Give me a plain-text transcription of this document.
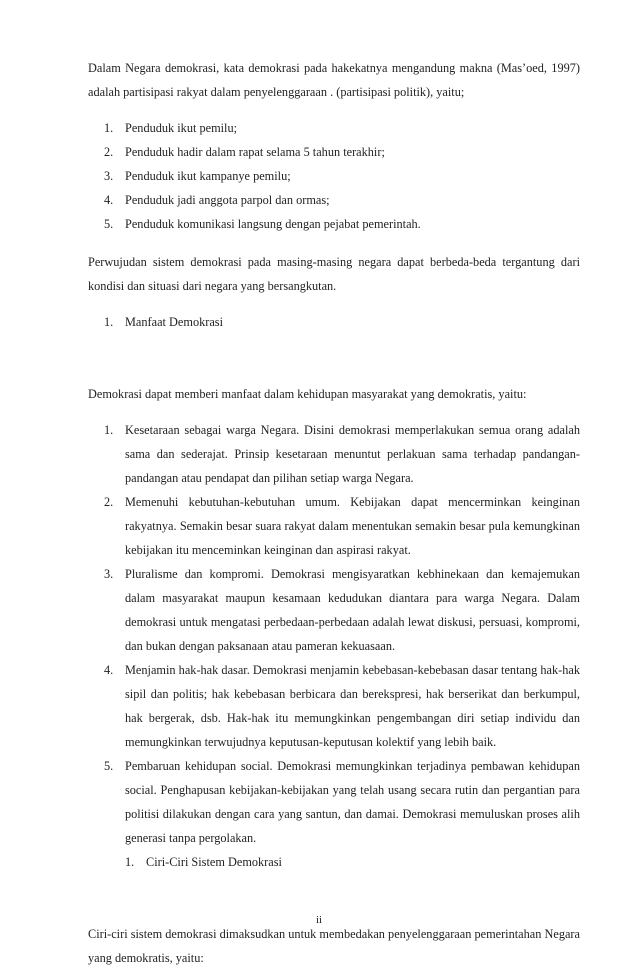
Dalam Negara demokrasi, kata demokrasi pada hakekatnya mengandung makna (Mas’oed, 1997) adalah partisipasi rakyat dalam penyelenggaraan . (partisipasi politik), yaitu;

1. Penduduk ikut pemilu;
2. Penduduk hadir dalam rapat selama 5 tahun terakhir;
3. Penduduk ikut kampanye pemilu;
4. Penduduk jadi anggota parpol dan ormas;
5. Penduduk komunikasi langsung dengan pejabat pemerintah.

Perwujudan sistem demokrasi pada masing-masing negara dapat berbeda-beda tergantung dari kondisi dan situasi dari negara yang bersangkutan.

1. Manfaat Demokrasi

Demokrasi dapat memberi manfaat dalam kehidupan masyarakat yang demokratis, yaitu:

1. Kesetaraan sebagai warga Negara. Disini demokrasi memperlakukan semua orang adalah sama dan sederajat. Prinsip kesetaraan menuntut perlakuan sama terhadap pandangan-pandangan atau pendapat dan pilihan setiap warga Negara.
2. Memenuhi kebutuhan-kebutuhan umum. Kebijakan dapat mencerminkan keinginan rakyatnya. Semakin besar suara rakyat dalam menentukan semakin besar pula kemungkinan kebijakan itu menceminkan keinginan dan aspirasi rakyat.
3. Pluralisme dan kompromi. Demokrasi mengisyaratkan kebhinekaan dan kemajemukan dalam masyarakat maupun kesamaan kedudukan diantara para warga Negara. Dalam demokrasi untuk mengatasi perbedaan-perbedaan adalah lewat diskusi, persuasi, kompromi, dan bukan dengan paksanaan atau pameran kekuasaan.
4. Menjamin hak-hak dasar. Demokrasi menjamin kebebasan-kebebasan dasar tentang hak-hak sipil dan politis; hak kebebasan berbicara dan berekspresi, hak berserikat dan berkumpul, hak bergerak, dsb. Hak-hak itu memungkinkan pengembangan diri setiap individu dan memungkinkan terwujudnya keputusan-keputusan kolektif yang lebih baik.
5. Pembaruan kehidupan social. Demokrasi memungkinkan terjadinya pembawan kehidupan social. Penghapusan kebijakan-kebijakan yang telah usang secara rutin dan pergantian para politisi dilakukan dengan cara yang santun, dan damai. Demokrasi memuluskan proses alih generasi tanpa pergolakan.
1. Ciri-Ciri Sistem Demokrasi

Ciri-ciri sistem demokrasi dimaksudkan untuk membedakan penyelenggaraan pemerintahan Negara yang demokratis, yaitu:

ii
